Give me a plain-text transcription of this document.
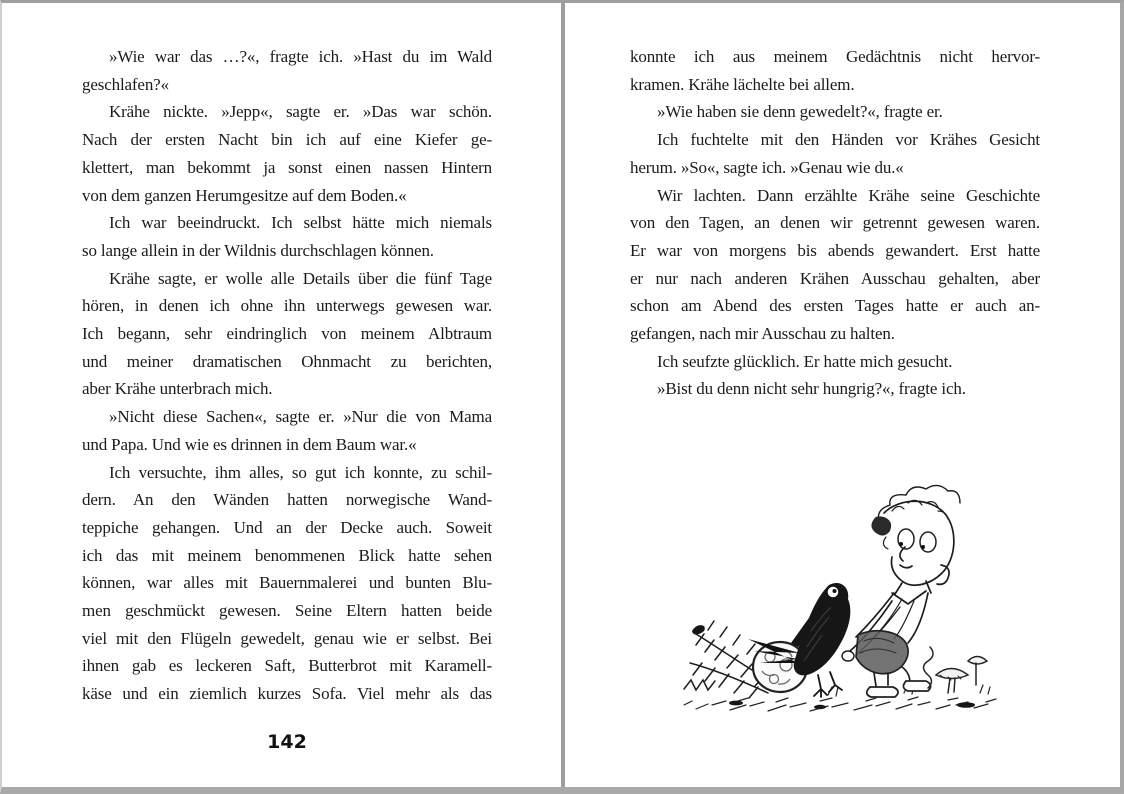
»Wie war das …?«, fragte ich. »Hast du im Wald
geschlafen?«
Krähe nickte. »Jepp«, sagte er. »Das war schön.
Nach der ersten Nacht bin ich auf eine Kiefer ge-
klettert, man bekommt ja sonst einen nassen Hintern
von dem ganzen Herumgesitze auf dem Boden.«
Ich war beeindruckt. Ich selbst hätte mich niemals
so lange allein in der Wildnis durchschlagen können.
Krähe sagte, er wolle alle Details über die fünf Tage
hören, in denen ich ohne ihn unterwegs gewesen war.
Ich begann, sehr eindringlich von meinem Albtraum
und meiner dramatischen Ohnmacht zu berichten,
aber Krähe unterbrach mich.
»Nicht diese Sachen«, sagte er. »Nur die von Mama
und Papa. Und wie es drinnen in dem Baum war.«
Ich versuchte, ihm alles, so gut ich konnte, zu schil-
dern. An den Wänden hatten norwegische Wand-
teppiche gehangen. Und an der Decke auch. Soweit
ich das mit meinem benommenen Blick hatte sehen
können, war alles mit Bauernmalerei und bunten Blu-
men geschmückt gewesen. Seine Eltern hatten beide
viel mit den Flügeln gewedelt, genau wie er selbst. Bei
ihnen gab es leckeren Saft, Butterbrot mit Karamell-
käse und ein ziemlich kurzes Sofa. Viel mehr als das
142
konnte ich aus meinem Gedächtnis nicht hervor-
kramen. Krähe lächelte bei allem.
»Wie haben sie denn gewedelt?«, fragte er.
Ich fuchtelte mit den Händen vor Krähes Gesicht
herum. »So«, sagte ich. »Genau wie du.«
Wir lachten. Dann erzählte Krähe seine Geschichte
von den Tagen, an denen wir getrennt gewesen waren.
Er war von morgens bis abends gewandert. Erst hatte
er nur nach anderen Krähen Ausschau gehalten, aber
schon am Abend des ersten Tages hatte er auch an-
gefangen, nach mir Ausschau zu halten.
Ich seufzte glücklich. Er hatte mich gesucht.
»Bist du denn nicht sehr hungrig?«, fragte ich.
